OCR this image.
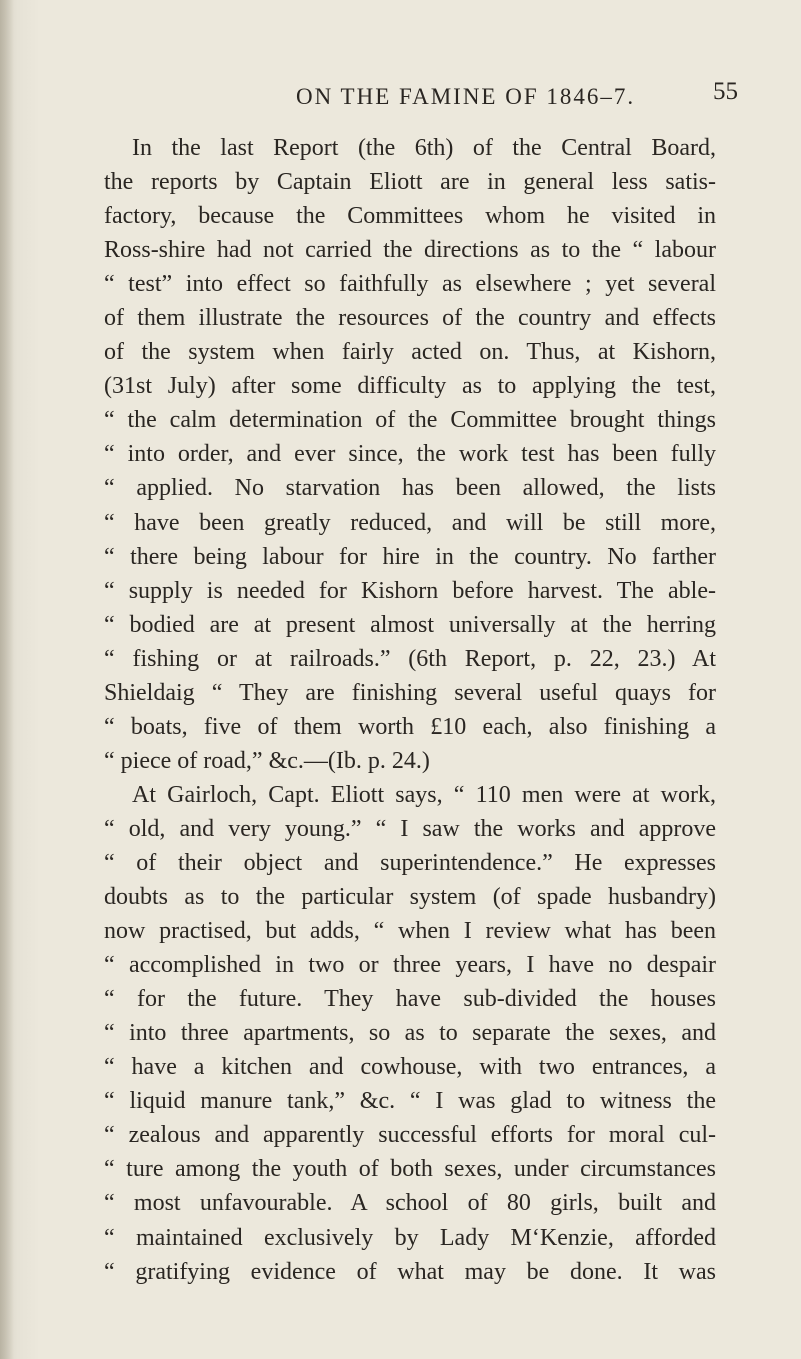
ON THE FAMINE OF 1846–7.	55
In the last Report (the 6th) of the Central Board,
the reports by Captain Eliott are in general less satis-
factory, because the Committees whom he visited in
Ross-shire had not carried the directions as to the “ labour
“ test” into effect so faithfully as elsewhere ; yet several
of them illustrate the resources of the country and effects
of the system when fairly acted on. Thus, at Kishorn,
(31st July) after some difficulty as to applying the test,
“ the calm determination of the Committee brought things
“ into order, and ever since, the work test has been fully
“ applied. No starvation has been allowed, the lists
“ have been greatly reduced, and will be still more,
“ there being labour for hire in the country. No farther
“ supply is needed for Kishorn before harvest. The able-
“ bodied are at present almost universally at the herring
“ fishing or at railroads.” (6th Report, p. 22, 23.) At
Shieldaig “ They are finishing several useful quays for
“ boats, five of them worth £10 each, also finishing a
“ piece of road,” &c.—(Ib. p. 24.)
At Gairloch, Capt. Eliott says, “ 110 men were at work,
“ old, and very young.” “ I saw the works and approve
“ of their object and superintendence.” He expresses
doubts as to the particular system (of spade husbandry)
now practised, but adds, “ when I review what has been
“ accomplished in two or three years, I have no despair
“ for the future. They have sub-divided the houses
“ into three apartments, so as to separate the sexes, and
“ have a kitchen and cowhouse, with two entrances, a
“ liquid manure tank,” &c. “ I was glad to witness the
“ zealous and apparently successful efforts for moral cul-
“ ture among the youth of both sexes, under circumstances
“ most unfavourable. A school of 80 girls, built and
“ maintained exclusively by Lady M‘Kenzie, afforded
“ gratifying evidence of what may be done. It was
